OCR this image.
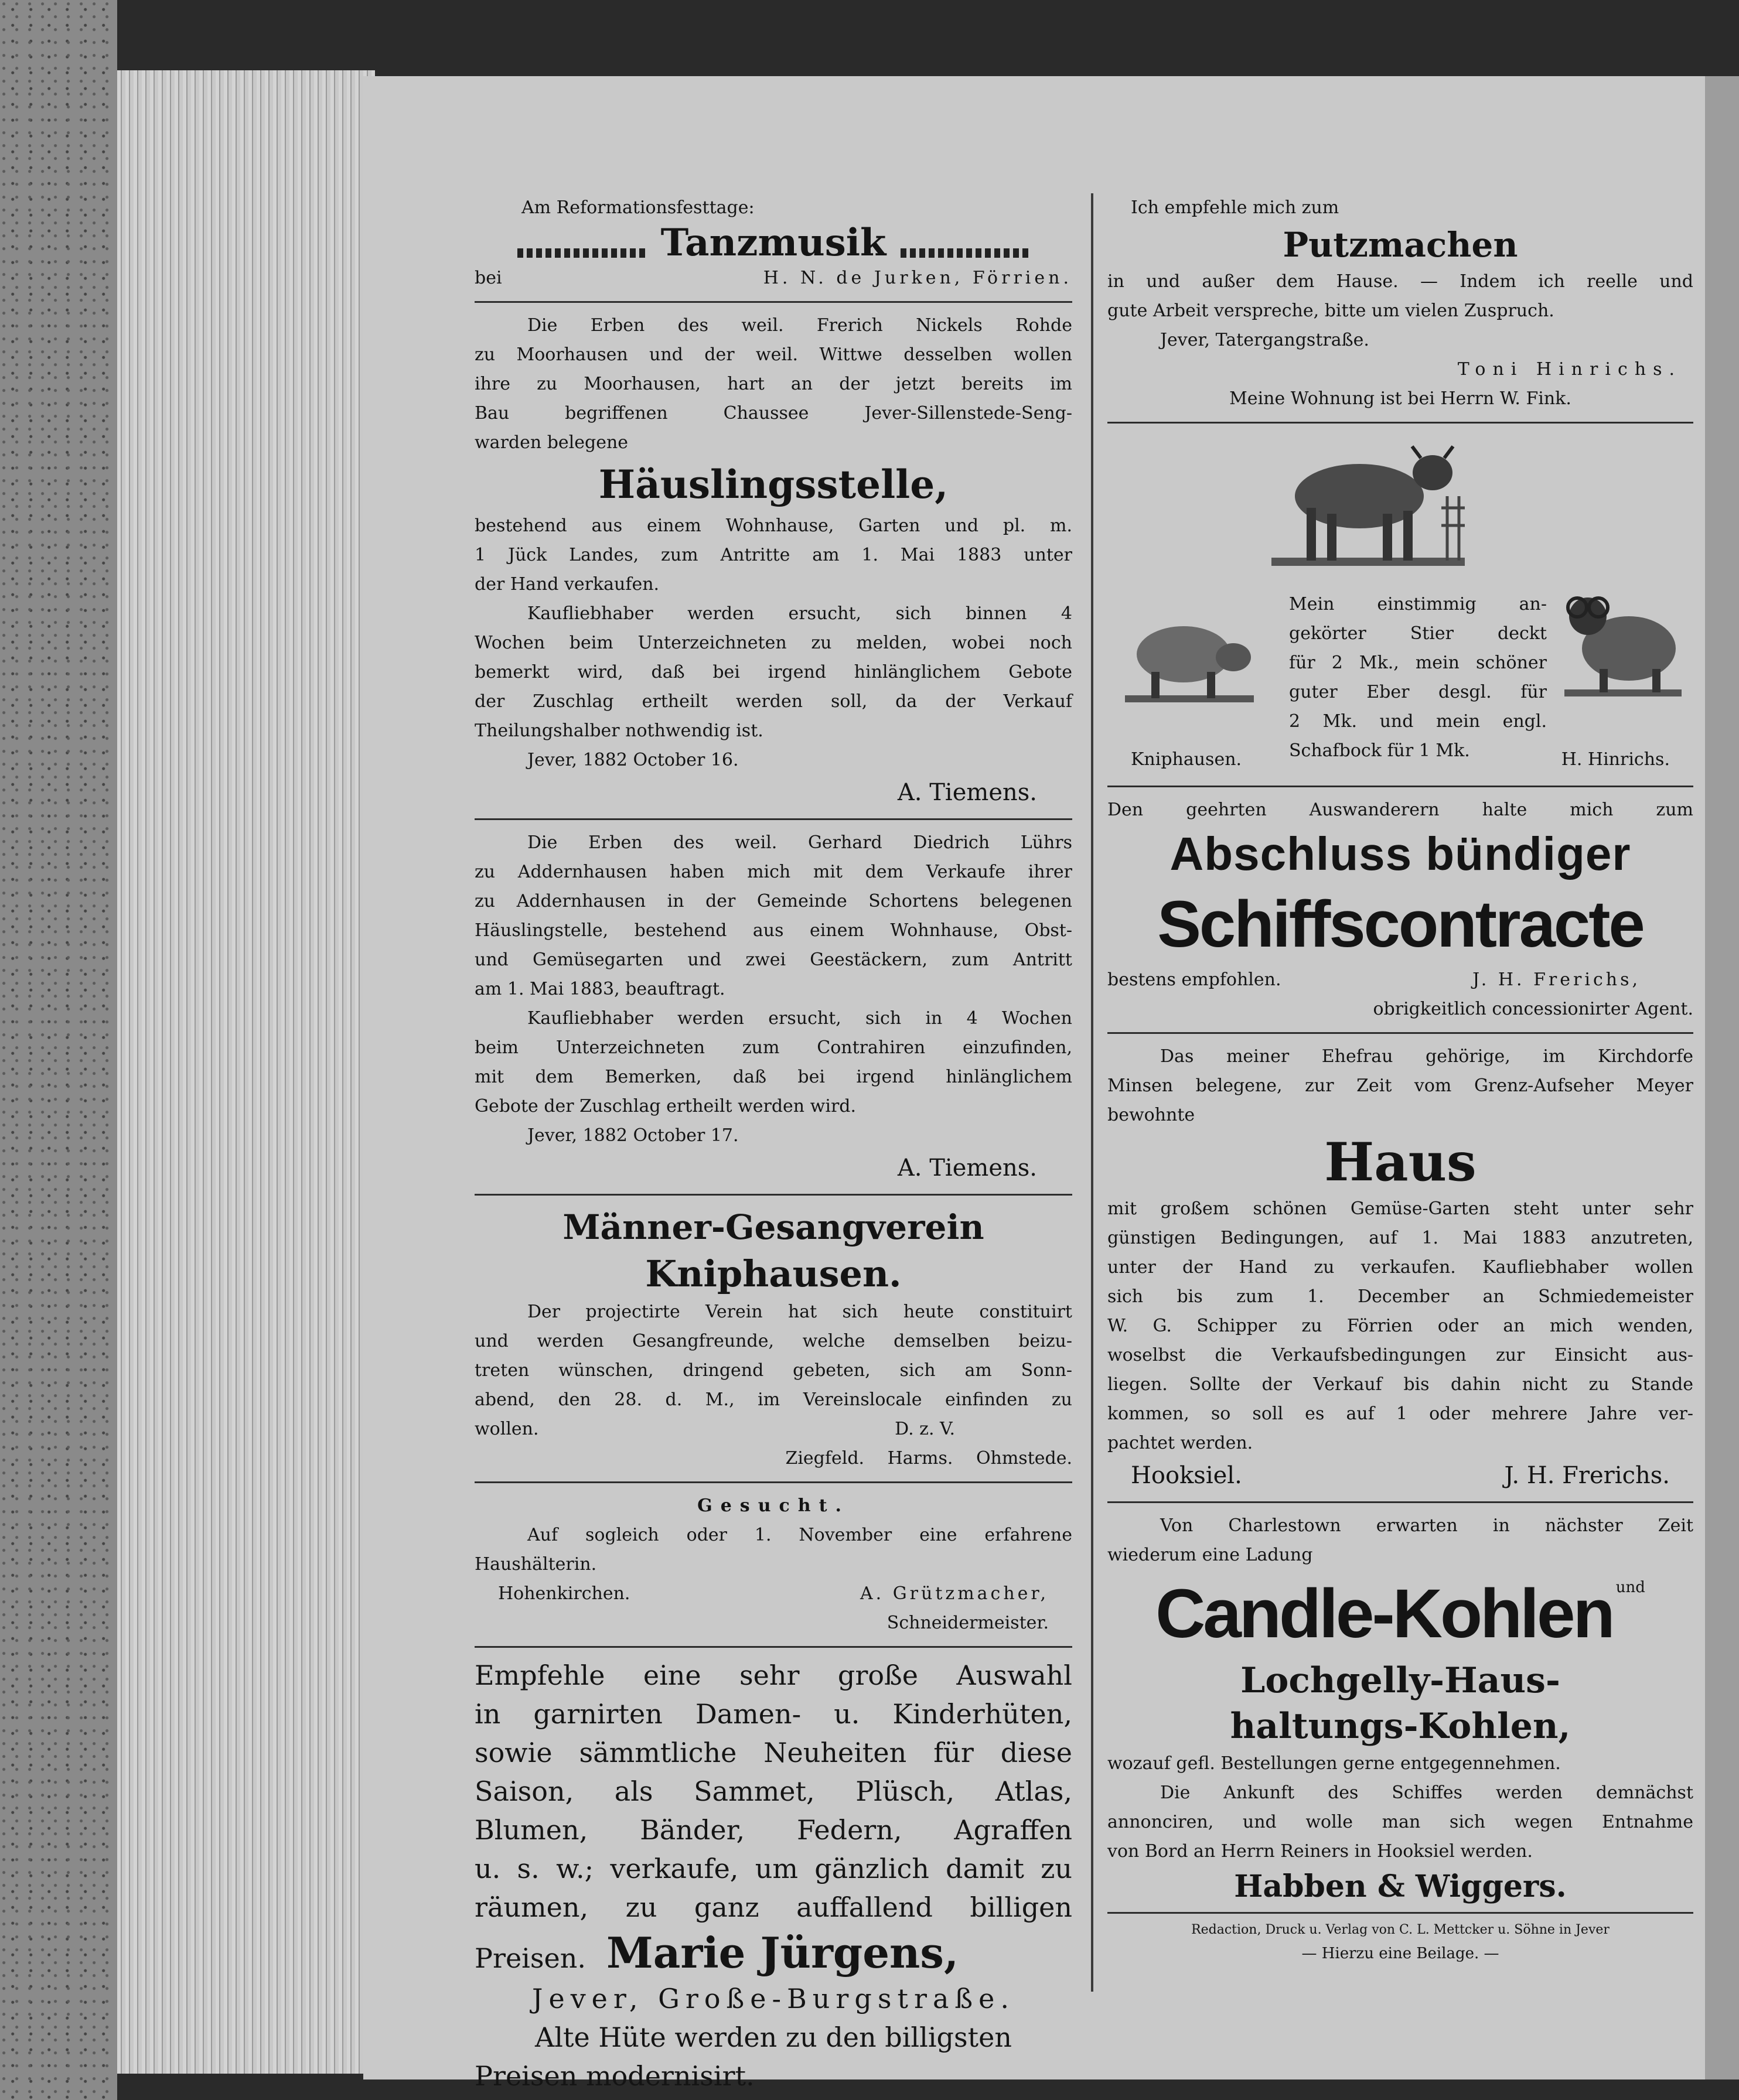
Am Reformationsfesttage:
Tanzmusik
bei	H. N. de Jurken, Förrien.
Die Erben des weil. Frerich Nickels Rohde
zu Moorhausen und der weil. Wittwe desselben wollen
ihre zu Moorhausen, hart an der jetzt bereits im
Bau begriffenen Chaussee Jever-Sillenstede-Seng-
warden belegene
Häuslingsstelle,
bestehend aus einem Wohnhause, Garten und pl. m.
1 Jück Landes, zum Antritte am 1. Mai 1883 unter
der Hand verkaufen.
Kaufliebhaber werden ersucht, sich binnen 4
Wochen beim Unterzeichneten zu melden, wobei noch
bemerkt wird, daß bei irgend hinlänglichem Gebote
der Zuschlag ertheilt werden soll, da der Verkauf
Theilungshalber nothwendig ist.
Jever, 1882 October 16.
A. Tiemens.
Die Erben des weil. Gerhard Diedrich Lührs
zu Addernhausen haben mich mit dem Verkaufe ihrer
zu Addernhausen in der Gemeinde Schortens belegenen
Häuslingstelle, bestehend aus einem Wohnhause, Obst-
und Gemüsegarten und zwei Geestäckern, zum Antritt
am 1. Mai 1883, beauftragt.
Kaufliebhaber werden ersucht, sich in 4 Wochen
beim Unterzeichneten zum Contrahiren einzufinden,
mit dem Bemerken, daß bei irgend hinlänglichem
Gebote der Zuschlag ertheilt werden wird.
Jever, 1882 October 17.
A. Tiemens.
Männer-Gesangverein
Kniphausen.
Der projectirte Verein hat sich heute constituirt
und werden Gesangfreunde, welche demselben beizu-
treten wünschen, dringend gebeten, sich am Sonn-
abend, den 28. d. M., im Vereinslocale einfinden zu
wollen.	D. z. V.
Ziegfeld. Harms. Ohmstede.
Gesucht.
Auf sogleich oder 1. November eine erfahrene
Haushälterin.
Hohenkirchen.	A. Grützmacher,
Schneidermeister.
Empfehle eine sehr große Auswahl
in garnirten Damen- u. Kinderhüten,
sowie sämmtliche Neuheiten für diese
Saison, als Sammet, Plüsch, Atlas,
Blumen, Bänder, Federn, Agraffen
u. s. w.; verkaufe, um gänzlich damit zu
räumen, zu ganz auffallend billigen
Preisen. Marie Jürgens,
Jever, Große-Burgstraße.
Alte Hüte werden zu den billigsten
Preisen modernisirt.
Ich empfehle mich zum
Putzmachen
in und außer dem Hause. — Indem ich reelle und
gute Arbeit verspreche, bitte um vielen Zuspruch.
Jever, Tatergangstraße.
Toni Hinrichs.
Meine Wohnung ist bei Herrn W. Fink.
Mein einstimmig an-
gekörter Stier deckt
für 2 Mk., mein schöner
guter Eber desgl. für
2 Mk. und mein engl.
Schafbock für 1 Mk.
Kniphausen.	H. Hinrichs.
Den geehrten Auswanderern halte mich zum
Abschluss bündiger
Schiffscontracte
bestens empfohlen.	J. H. Frerichs,
obrigkeitlich concessionirter Agent.
Das meiner Ehefrau gehörige, im Kirchdorfe
Minsen belegene, zur Zeit vom Grenz-Aufseher Meyer
bewohnte
Haus
mit großem schönen Gemüse-Garten steht unter sehr
günstigen Bedingungen, auf 1. Mai 1883 anzutreten,
unter der Hand zu verkaufen. Kaufliebhaber wollen
sich bis zum 1. December an Schmiedemeister
W. G. Schipper zu Förrien oder an mich wenden,
woselbst die Verkaufsbedingungen zur Einsicht aus-
liegen. Sollte der Verkauf bis dahin nicht zu Stande
kommen, so soll es auf 1 oder mehrere Jahre ver-
pachtet werden.
Hooksiel.	J. H. Frerichs.
Von Charlestown erwarten in nächster Zeit
wiederum eine Ladung
Candle-Kohlen und
Lochgelly-Haus-
haltungs-Kohlen,
wozauf gefl. Bestellungen gerne entgegennehmen.
Die Ankunft des Schiffes werden demnächst
annonciren, und wolle man sich wegen Entnahme
von Bord an Herrn Reiners in Hooksiel werden.
Habben & Wiggers.
Redaction, Druck u. Verlag von C. L. Mettcker u. Söhne in Jever
— Hierzu eine Beilage. —
